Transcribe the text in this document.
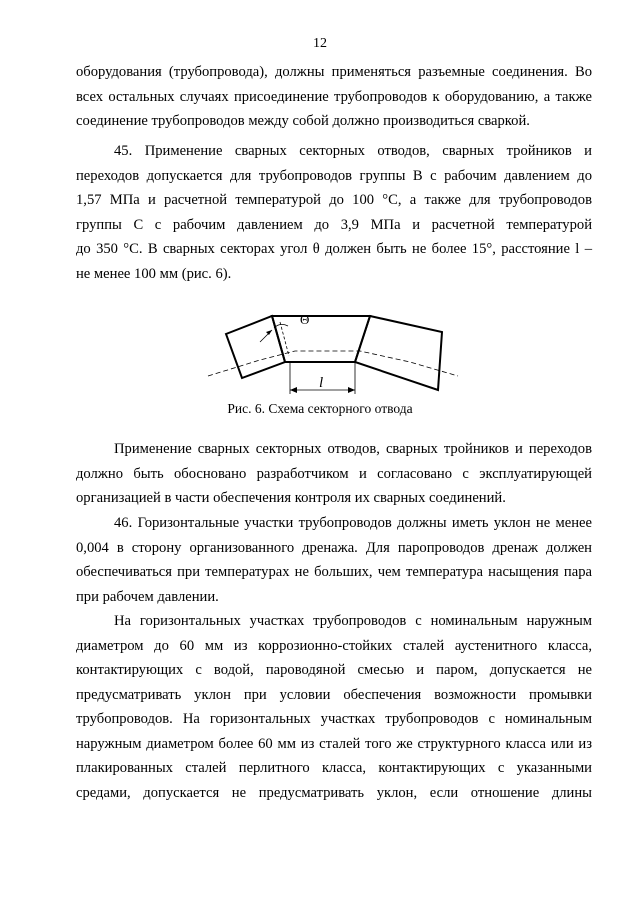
12

оборудования (трубопровода), должны применяться разъемные соединения. Во

всех остальных случаях присоединение трубопроводов к оборудованию, а также

соединение трубопроводов между собой должно производиться сваркой.

45. Применение сварных секторных отводов, сварных тройников и

переходов допускается для трубопроводов группы В с рабочим давлением до

1,57 МПа и расчетной температурой до 100 °С, а также для трубопроводов

группы С с рабочим давлением до 3,9 МПа и расчетной температурой

до 350 °С. В сварных секторах угол θ должен быть не более 15°, расстояние l –

не менее 100 мм (рис. 6).

Θ
l
Рис. 6. Схема секторного отвода

Применение сварных секторных отводов, сварных тройников и переходов

должно быть обосновано разработчиком и согласовано с эксплуатирующей

организацией в части обеспечения контроля их сварных соединений.

46. Горизонтальные участки трубопроводов должны иметь уклон не менее

0,004 в сторону организованного дренажа. Для паропроводов дренаж должен

обеспечиваться при температурах не больших, чем температура насыщения пара

при рабочем давлении.

На горизонтальных участках трубопроводов с номинальным наружным

диаметром до 60 мм из коррозионно-стойких сталей аустенитного класса,

контактирующих с водой, пароводяной смесью и паром, допускается не

предусматривать уклон при условии обеспечения возможности промывки

трубопроводов. На горизонтальных участках трубопроводов с номинальным

наружным диаметром более 60 мм из сталей того же структурного класса или из

плакированных сталей перлитного класса, контактирующих с указанными

средами, допускается не предусматривать уклон, если отношение длины
